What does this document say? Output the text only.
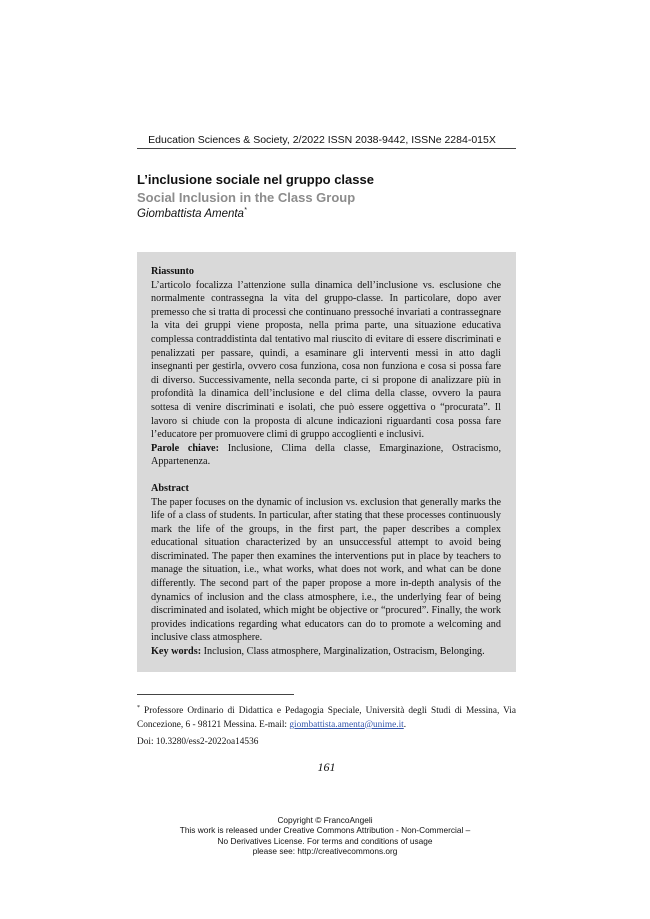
Education Sciences & Society, 2/2022 ISSN 2038-9442, ISSNe 2284-015X
L’inclusione sociale nel gruppo classe
Social Inclusion in the Class Group
Giombattista Amenta*
Riassunto

L’articolo focalizza l’attenzione sulla dinamica dell’inclusione vs. esclusione che normalmente contrassegna la vita del gruppo-classe. In particolare, dopo aver premesso che si tratta di processi che continuano pressoché invariati a contrassegnare la vita dei gruppi viene proposta, nella prima parte, una situazione educativa complessa contraddistinta dal tentativo mal riuscito di evitare di essere discriminati e penalizzati per passare, quindi, a esaminare gli interventi messi in atto dagli insegnanti per gestirla, ovvero cosa funziona, cosa non funziona e cosa si possa fare di diverso. Successivamente, nella seconda parte, ci si propone di analizzare più in profondità la dinamica dell’inclusione e del clima della classe, ovvero la paura sottesa di venire discriminati e isolati, che può essere oggettiva o “procurata”. Il lavoro si chiude con la proposta di alcune indicazioni riguardanti cosa possa fare l’educatore per promuovere climi di gruppo accoglienti e inclusivi.

Parole chiave: Inclusione, Clima della classe, Emarginazione, Ostracismo, Appartenenza.

Abstract

The paper focuses on the dynamic of inclusion vs. exclusion that generally marks the life of a class of students. In particular, after stating that these processes continuously mark the life of the groups, in the first part, the paper describes a complex educational situation characterized by an unsuccessful attempt to avoid being discriminated. The paper then examines the interventions put in place by teachers to manage the situation, i.e., what works, what does not work, and what can be done differently. The second part of the paper propose a more in-depth analysis of the dynamics of inclusion and the class atmosphere, i.e., the underlying fear of being discriminated and isolated, which might be objective or “procured”. Finally, the work provides indications regarding what educators can do to promote a welcoming and inclusive class atmosphere.

Key words: Inclusion, Class atmosphere, Marginalization, Ostracism, Belonging.

* Professore Ordinario di Didattica e Pedagogia Speciale, Università degli Studi di Messina, Via Concezione, 6 - 98121 Messina. E-mail: giombattista.amenta@unime.it.
Doi: 10.3280/ess2-2022oa14536
161
Copyright © FrancoAngeli
This work is released under Creative Commons Attribution - Non-Commercial –
No Derivatives License. For terms and conditions of usage
please see: http://creativecommons.org
